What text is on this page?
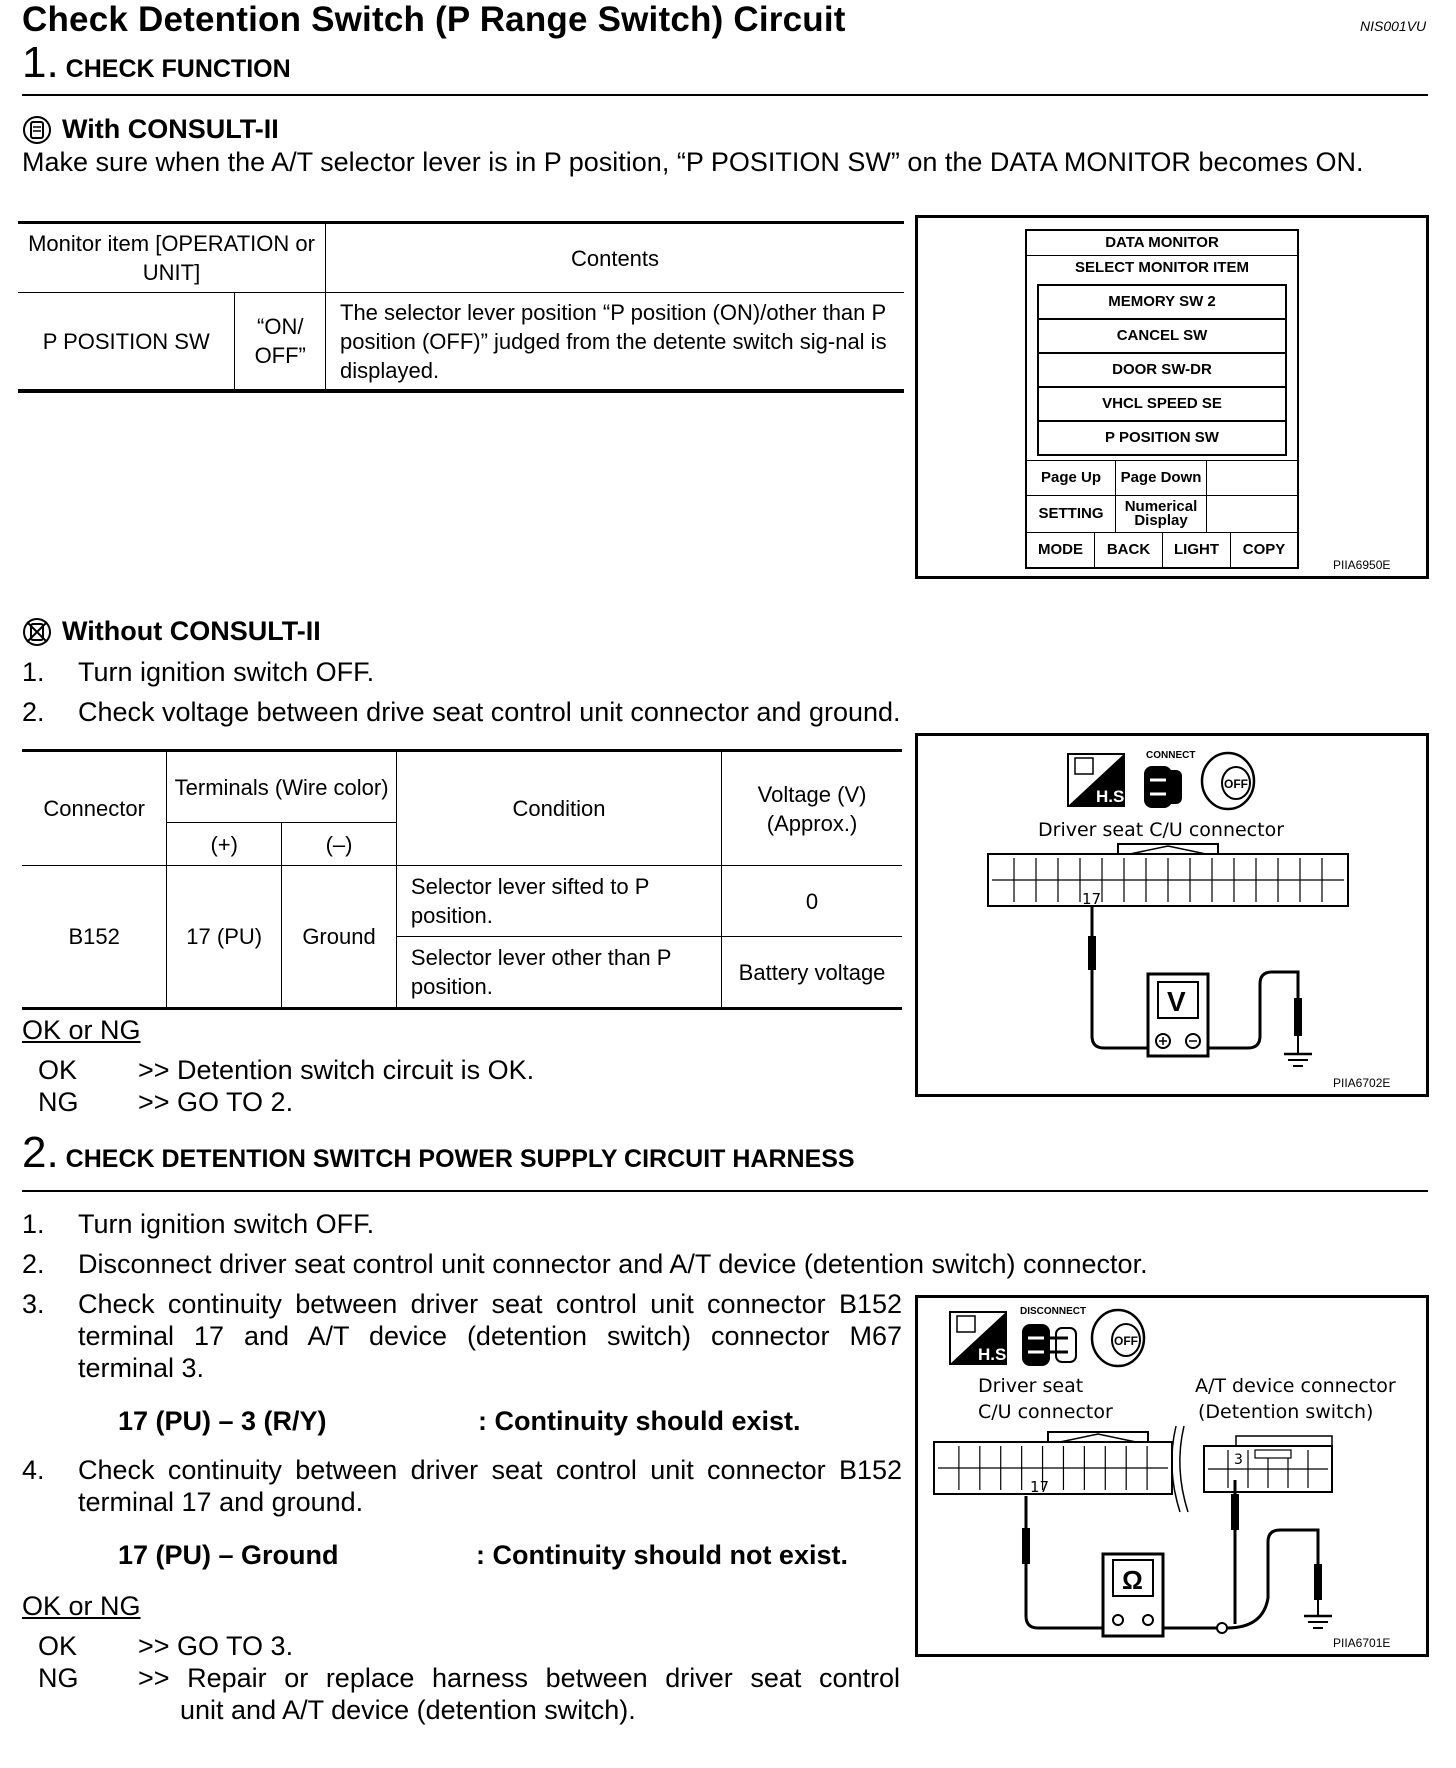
Check Detention Switch (P Range Switch) Circuit	NIS001VU
1. CHECK FUNCTION
With CONSULT-II
Make sure when the A/T selector lever is in P position, “P POSITION SW” on the DATA MONITOR becomes ON.
Monitor item [OPERATION or UNIT]		Contents
P POSITION SW	“ON/ OFF”	The selector lever position “P position (ON)/other than P position (OFF)” judged from the detente switch sig-nal is displayed.
DATA MONITOR
SELECT MONITOR ITEM
MEMORY SW 2
CANCEL SW
DOOR SW-DR
VHCL SPEED SE
P POSITION SW
Page Up	Page Down
SETTING	Numerical Display
MODE	BACK	LIGHT	COPY
PIIA6950E
Without CONSULT-II
1. Turn ignition switch OFF.
2. Check voltage between drive seat control unit connector and ground.
Connector	Terminals (Wire color)		Condition	Voltage (V) (Approx.)
	(+)	(–)		
B152	17 (PU)	Ground	Selector lever sifted to P position.	0
			Selector lever other than P position.	Battery voltage
H.S.
CONNECT
OFF
Driver seat C/U connector
17
V
PIIA6702E
OK or NG
OK >> Detention switch circuit is OK.
NG >> GO TO 2.
2. CHECK DETENTION SWITCH POWER SUPPLY CIRCUIT HARNESS
1. Turn ignition switch OFF.
2. Disconnect driver seat control unit connector and A/T device (detention switch) connector.
3. Check continuity between driver seat control unit connector B152 terminal 17 and A/T device (detention switch) connector M67 terminal 3.
17 (PU) – 3 (R/Y)	: Continuity should exist.
4. Check continuity between driver seat control unit connector B152 terminal 17 and ground.
17 (PU) – Ground	: Continuity should not exist.
H.S.
DISCONNECT
OFF
Driver seat
C/U connector
A/T device connector
(Detention switch)
17
3
Ω
PIIA6701E
OK or NG
OK >> GO TO 3.
NG >> Repair or replace harness between driver seat control
unit and A/T device (detention switch).
